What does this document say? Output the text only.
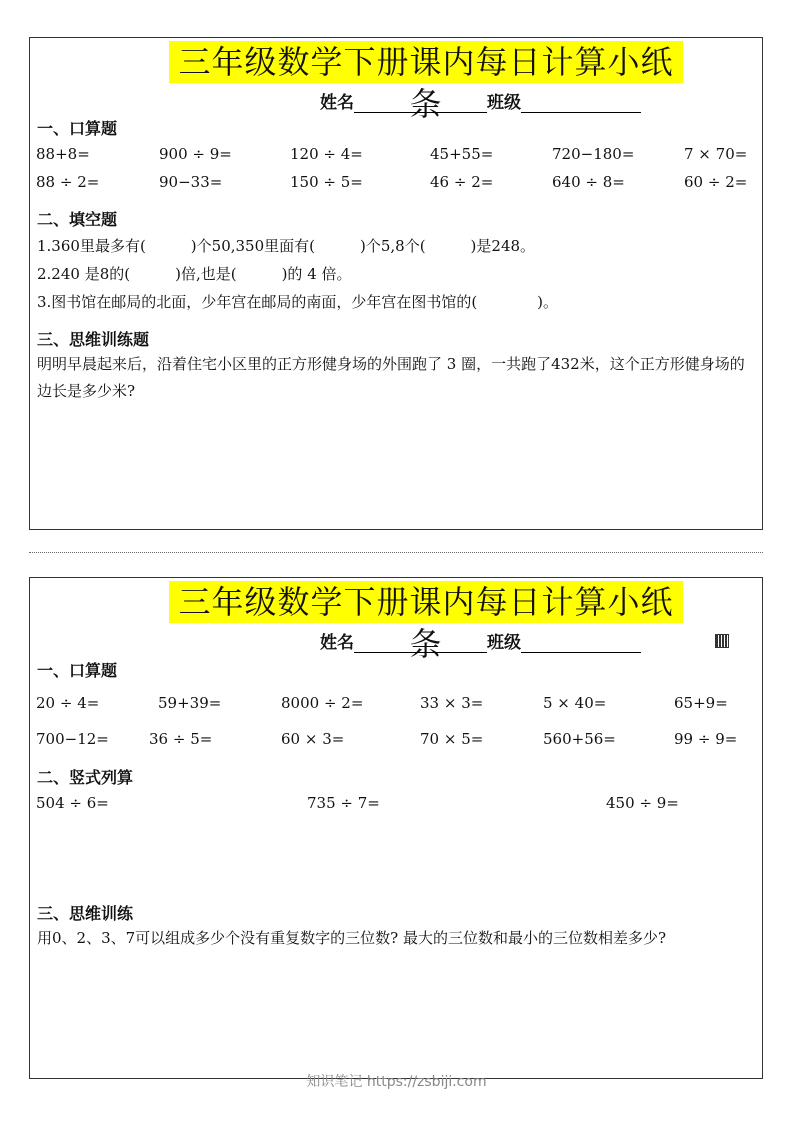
三年级数学下册课内每日计算小纸条
姓名	班级
一、口算题
88+8=	900 ÷ 9=	120 ÷ 4=	45+55=	720−180=	7 × 70=
88 ÷ 2=	90−33=	150 ÷ 5=	46 ÷ 2=	640 ÷ 8=	60 ÷ 2=
二、填空题
1.360里最多有(　　　)个50,350里面有(　　　)个5,8个(　　　)是248。
2.240 是8的(　　　)倍,也是(　　　)的 4 倍。
3.图书馆在邮局的北面，少年宫在邮局的南面，少年宫在图书馆的(　　　　)。
三、思维训练题
明明早晨起来后，沿着住宅小区里的正方形健身场的外围跑了 3 圈，一共跑了432米，这个正方形健身场的边长是多少米?
三年级数学下册课内每日计算小纸条
姓名	班级
一、口算题
20 ÷ 4=	59+39=	8000 ÷ 2=	33 × 3=	5 × 40=	65+9=
700−12=	36 ÷ 5=	60 × 3=	70 × 5=	560+56=	99 ÷ 9=
二、竖式列算
504 ÷ 6=	735 ÷ 7=	450 ÷ 9=
三、思维训练
用0、2、3、7可以组成多少个没有重复数字的三位数? 最大的三位数和最小的三位数相差多少?
知识笔记 https://zsbiji.com
